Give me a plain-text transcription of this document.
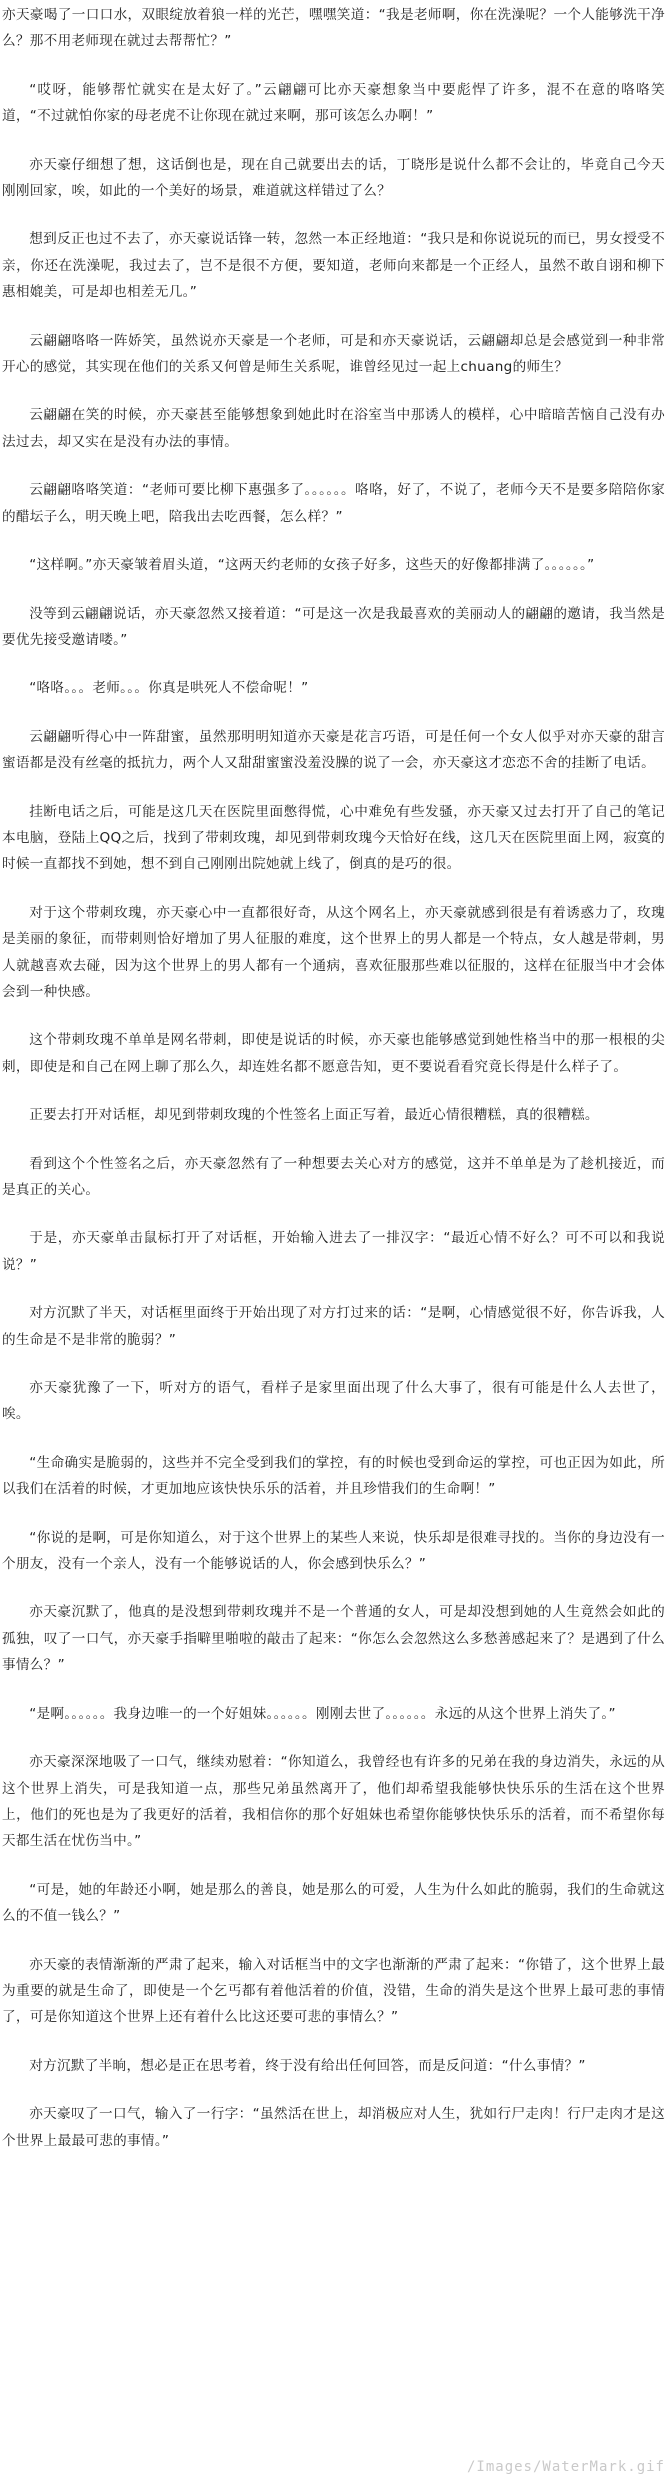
亦天豪喝了一口口水，双眼绽放着狼一样的光芒，嘿嘿笑道：“我是老师啊，你在洗澡呢？一个人能够洗干净么？那不用老师现在就过去帮帮忙？”

“哎呀，能够帮忙就实在是太好了。”云翩翩可比亦天豪想象当中要彪悍了许多，混不在意的咯咯笑道，“不过就怕你家的母老虎不让你现在就过来啊，那可该怎么办啊！”

亦天豪仔细想了想，这话倒也是，现在自己就要出去的话，丁晓彤是说什么都不会让的，毕竟自己今天刚刚回家，唉，如此的一个美好的场景，难道就这样错过了么？

想到反正也过不去了，亦天豪说话锋一转，忽然一本正经地道：“我只是和你说说玩的而已，男女授受不亲，你还在洗澡呢，我过去了，岂不是很不方便，要知道，老师向来都是一个正经人，虽然不敢自诩和柳下惠相媲美，可是却也相差无几。”

云翩翩咯咯一阵娇笑，虽然说亦天豪是一个老师，可是和亦天豪说话，云翩翩却总是会感觉到一种非常开心的感觉，其实现在他们的关系又何曾是师生关系呢，谁曾经见过一起上chuang的师生？

云翩翩在笑的时候，亦天豪甚至能够想象到她此时在浴室当中那诱人的模样，心中暗暗苦恼自己没有办法过去，却又实在是没有办法的事情。

云翩翩咯咯笑道：“老师可要比柳下惠强多了。。。。。。咯咯，好了，不说了，老师今天不是要多陪陪你家的醋坛子么，明天晚上吧，陪我出去吃西餐，怎么样？”

“这样啊。”亦天豪皱着眉头道，“这两天约老师的女孩子好多，这些天的好像都排满了。。。。。。”

没等到云翩翩说话，亦天豪忽然又接着道：“可是这一次是我最喜欢的美丽动人的翩翩的邀请，我当然是要优先接受邀请喽。”

“咯咯。。。老师。。。你真是哄死人不偿命呢！”

云翩翩听得心中一阵甜蜜，虽然那明明知道亦天豪是花言巧语，可是任何一个女人似乎对亦天豪的甜言蜜语都是没有丝毫的抵抗力，两个人又甜甜蜜蜜没羞没臊的说了一会，亦天豪这才恋恋不舍的挂断了电话。

挂断电话之后，可能是这几天在医院里面憋得慌，心中难免有些发骚，亦天豪又过去打开了自己的笔记本电脑，登陆上QQ之后，找到了带刺玫瑰，却见到带刺玫瑰今天恰好在线，这几天在医院里面上网，寂寞的时候一直都找不到她，想不到自己刚刚出院她就上线了，倒真的是巧的很。

对于这个带刺玫瑰，亦天豪心中一直都很好奇，从这个网名上，亦天豪就感到很是有着诱惑力了，玫瑰是美丽的象征，而带刺则恰好增加了男人征服的难度，这个世界上的男人都是一个特点，女人越是带刺，男人就越喜欢去碰，因为这个世界上的男人都有一个通病，喜欢征服那些难以征服的，这样在征服当中才会体会到一种快感。

这个带刺玫瑰不单单是网名带刺，即使是说话的时候，亦天豪也能够感觉到她性格当中的那一根根的尖刺，即使是和自己在网上聊了那么久，却连姓名都不愿意告知，更不要说看看究竟长得是什么样子了。

正要去打开对话框，却见到带刺玫瑰的个性签名上面正写着，最近心情很糟糕，真的很糟糕。

看到这个个性签名之后，亦天豪忽然有了一种想要去关心对方的感觉，这并不单单是为了趁机接近，而是真正的关心。

于是，亦天豪单击鼠标打开了对话框，开始输入进去了一排汉字：“最近心情不好么？可不可以和我说说？”

对方沉默了半天，对话框里面终于开始出现了对方打过来的话：“是啊，心情感觉很不好，你告诉我，人的生命是不是非常的脆弱？”

亦天豪犹豫了一下，听对方的语气，看样子是家里面出现了什么大事了，很有可能是什么人去世了，唉。

“生命确实是脆弱的，这些并不完全受到我们的掌控，有的时候也受到命运的掌控，可也正因为如此，所以我们在活着的时候，才更加地应该快快乐乐的活着，并且珍惜我们的生命啊！”

“你说的是啊，可是你知道么，对于这个世界上的某些人来说，快乐却是很难寻找的。当你的身边没有一个朋友，没有一个亲人，没有一个能够说话的人，你会感到快乐么？”

亦天豪沉默了，他真的是没想到带刺玫瑰并不是一个普通的女人，可是却没想到她的人生竟然会如此的孤独，叹了一口气，亦天豪手指噼里啪啦的敲击了起来：“你怎么会忽然这么多愁善感起来了？是遇到了什么事情么？”

“是啊。。。。。。我身边唯一的一个好姐妹。。。。。。刚刚去世了。。。。。。永远的从这个世界上消失了。”

亦天豪深深地吸了一口气，继续劝慰着：“你知道么，我曾经也有许多的兄弟在我的身边消失，永远的从这个世界上消失，可是我知道一点，那些兄弟虽然离开了，他们却希望我能够快快乐乐的生活在这个世界上，他们的死也是为了我更好的活着，我相信你的那个好姐妹也希望你能够快快乐乐的活着，而不希望你每天都生活在忧伤当中。”

“可是，她的年龄还小啊，她是那么的善良，她是那么的可爱，人生为什么如此的脆弱，我们的生命就这么的不值一钱么？”

亦天豪的表情渐渐的严肃了起来，输入对话框当中的文字也渐渐的严肃了起来：“你错了，这个世界上最为重要的就是生命了，即使是一个乞丐都有着他活着的价值，没错，生命的消失是这个世界上最可悲的事情了，可是你知道这个世界上还有着什么比这还要可悲的事情么？”

对方沉默了半晌，想必是正在思考着，终于没有给出任何回答，而是反问道：“什么事情？”

亦天豪叹了一口气，输入了一行字：“虽然活在世上，却消极应对人生，犹如行尸走肉！行尸走肉才是这个世界上最最可悲的事情。”

/Images/WaterMark.gif
